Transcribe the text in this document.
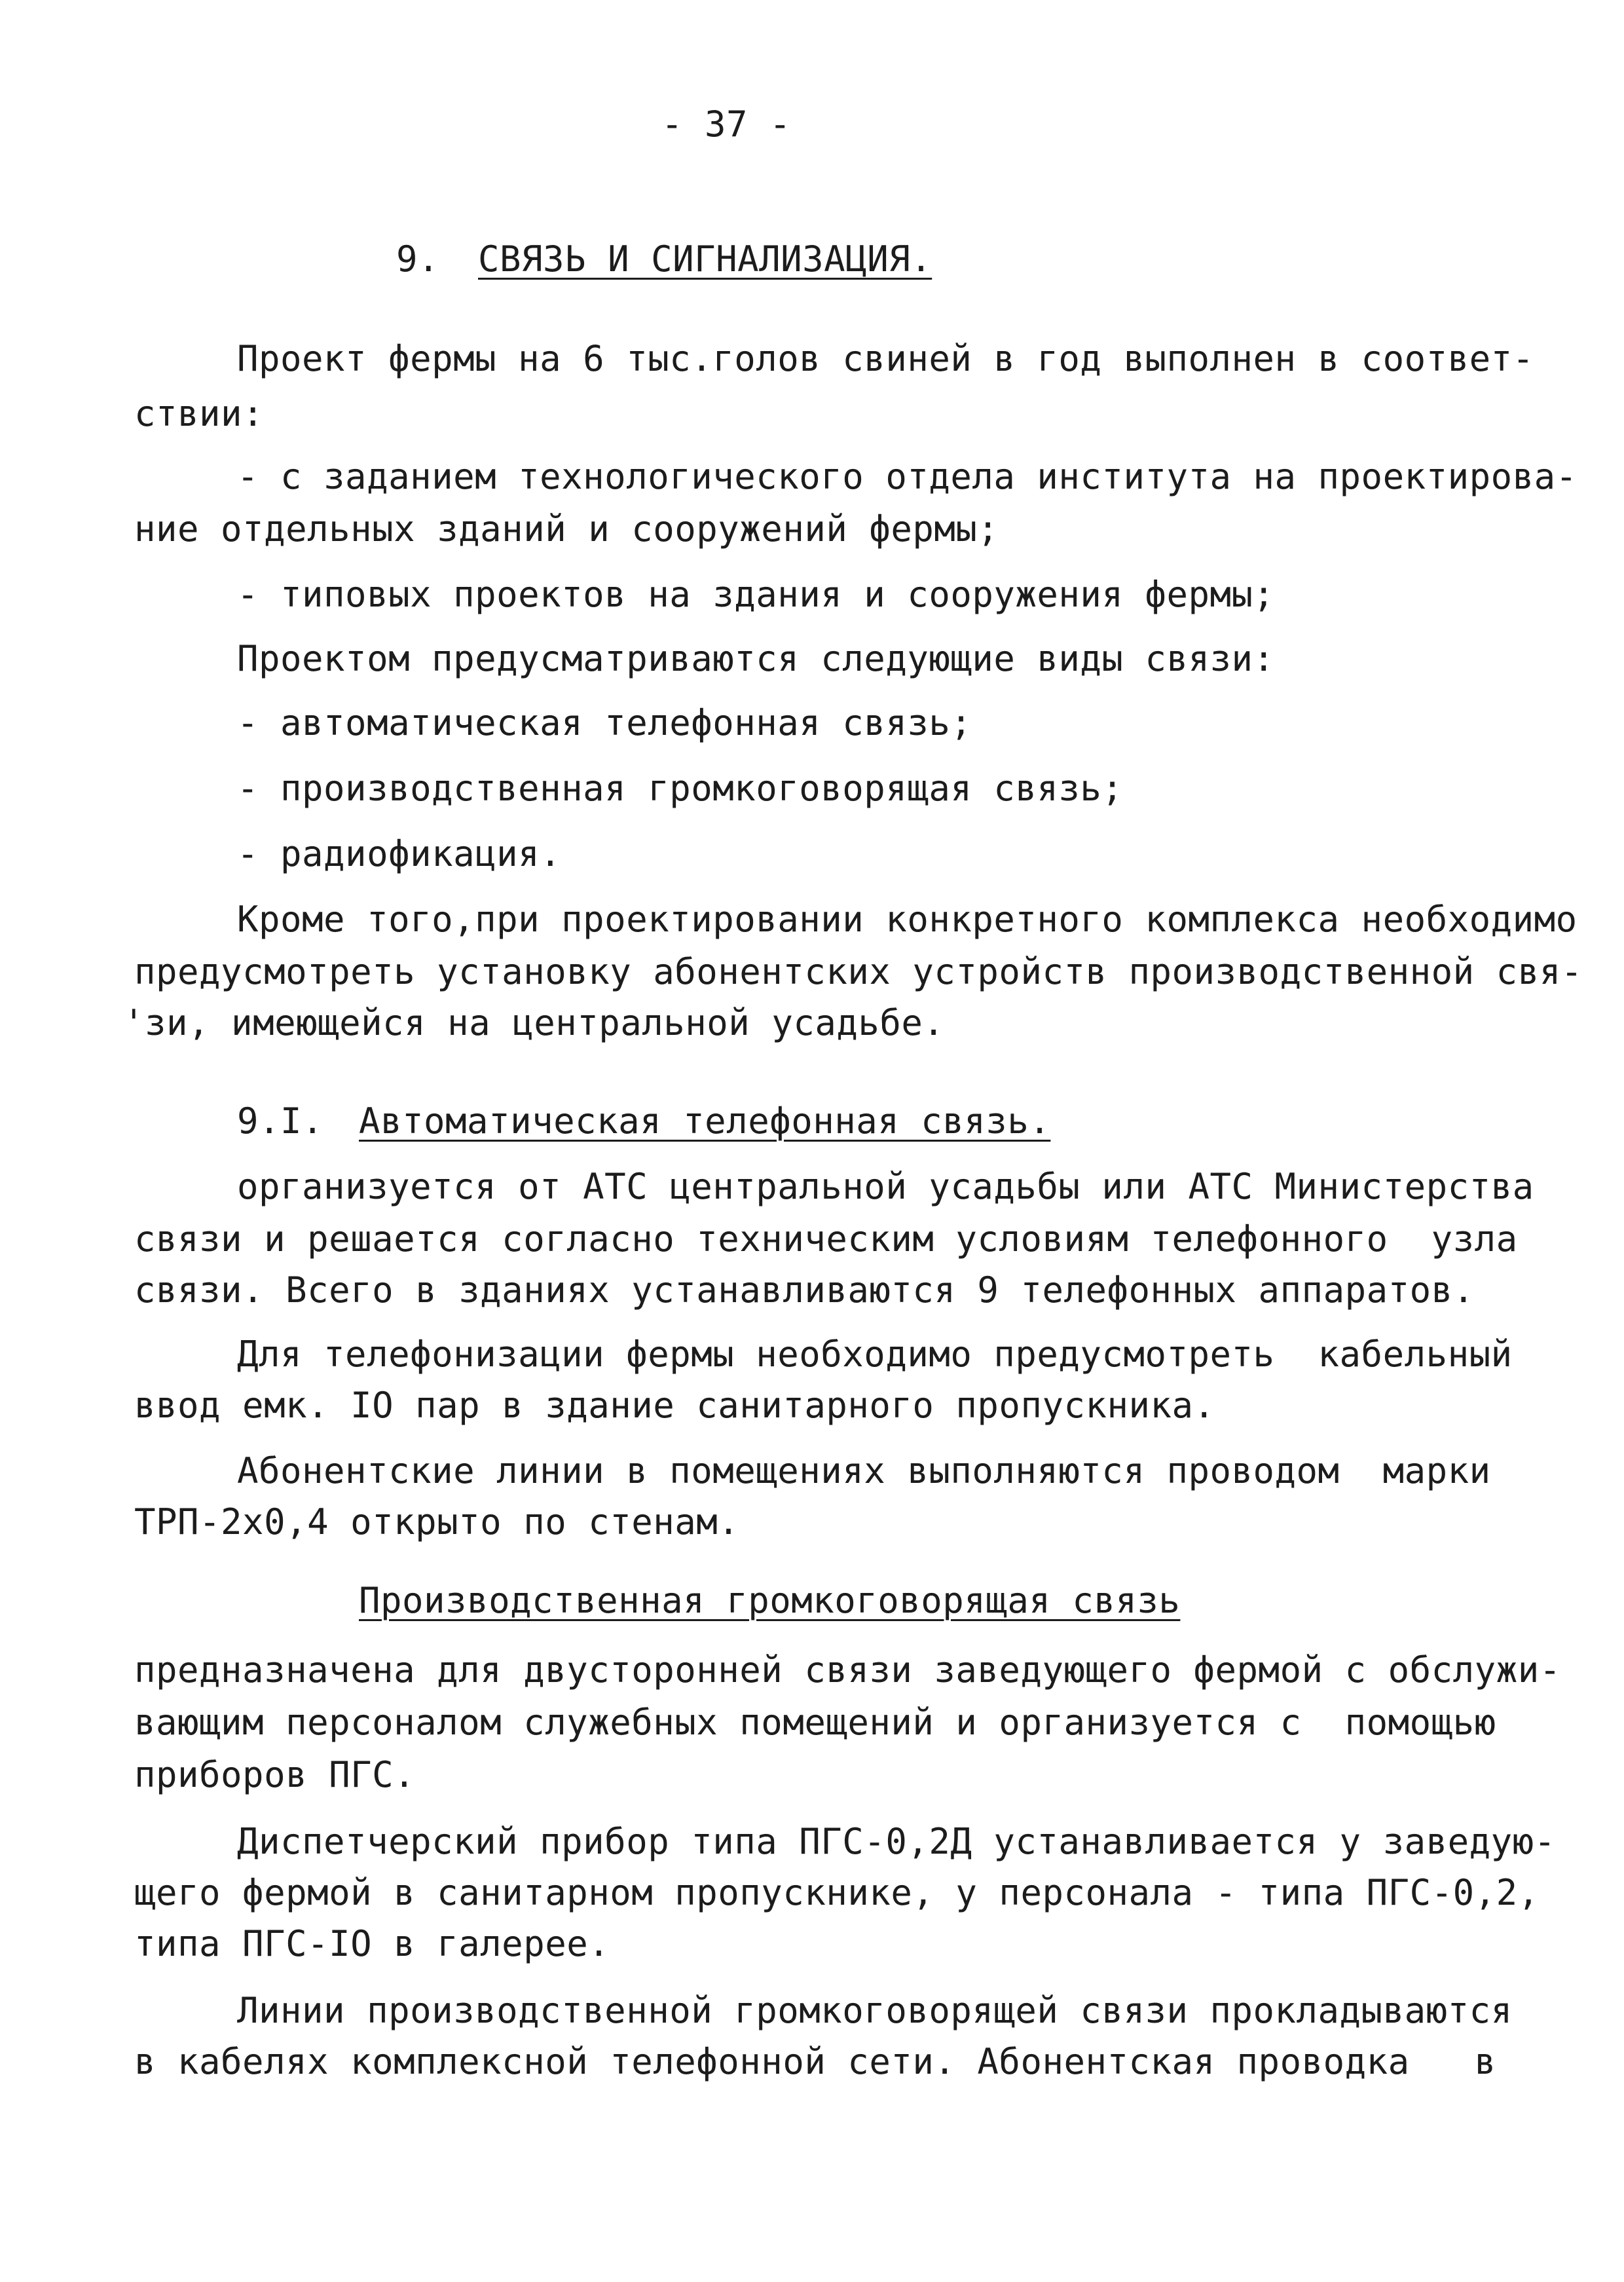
- 37 -
9. СВЯЗЬ И СИГНАЛИЗАЦИЯ.
Проект фермы на 6 тыс.голов свиней в год выполнен в соответ-
ствии:
- с заданием технологического отдела института на проектирова-
ние отдельных зданий и сооружений фермы;
- типовых проектов на здания и сооружения фермы;
Проектом предусматриваются следующие виды связи:
- автоматическая телефонная связь;
- производственная громкоговорящая связь;
- радиофикация.
Кроме того,при проектировании конкретного комплекса необходимо
предусмотреть установку абонентских устройств производственной свя-
'зи, имеющейся на центральной усадьбе.
9.I. Автоматическая телефонная связь.
организуется от АТС центральной усадьбы или АТС Министерства
связи и решается согласно техническим условиям телефонного  узла
связи. Всего в зданиях устанавливаются 9 телефонных аппаратов.
Для телефонизации фермы необходимо предусмотреть  кабельный
ввод емк. IO пар в здание санитарного пропускника.
Абонентские линии в помещениях выполняются проводом  марки
ТРП-2х0,4 открыто по стенам.
Производственная громкоговорящая связь
предназначена для двусторонней связи заведующего фермой с обслужи-
вающим персоналом служебных помещений и организуется с  помощью
приборов ПГС.
Диспетчерский прибор типа ПГС-0,2Д устанавливается у заведую-
щего фермой в санитарном пропускнике, у персонала - типа ПГС-0,2,
типа ПГС-IO в галерее.
Линии производственной громкоговорящей связи прокладываются
в кабелях комплексной телефонной сети. Абонентская проводка   в
